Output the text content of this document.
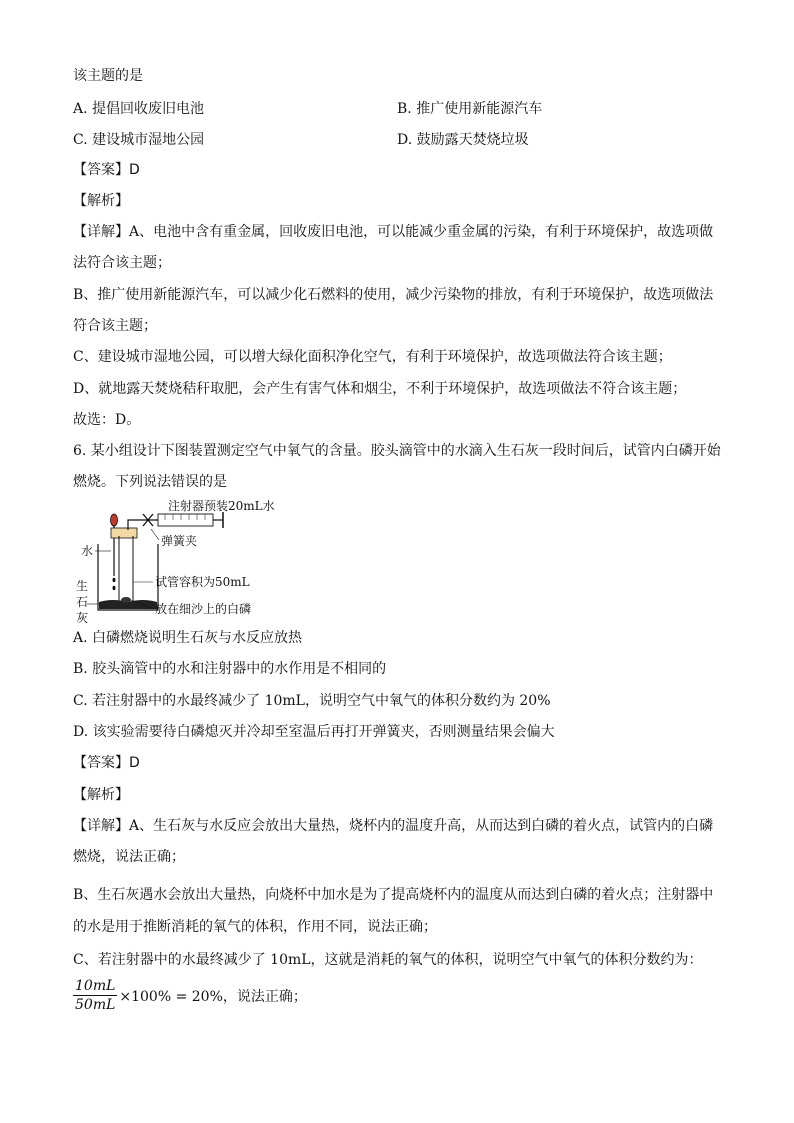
该主题的是
A. 提倡回收废旧电池	B. 推广使用新能源汽车
C. 建设城市湿地公园	D. 鼓励露天焚烧垃圾
【答案】D
【解析】
【详解】A、电池中含有重金属，回收废旧电池，可以能减少重金属的污染，有利于环境保护，故选项做
法符合该主题；
B、推广使用新能源汽车，可以减少化石燃料的使用，减少污染物的排放，有利于环境保护，故选项做法
符合该主题；
C、建设城市湿地公园，可以增大绿化面积净化空气，有利于环境保护，故选项做法符合该主题；
D、就地露天焚烧秸秆取肥，会产生有害气体和烟尘，不利于环境保护，故选项做法不符合该主题；
故选：D。
6. 某小组设计下图装置测定空气中氧气的含量。胶头滴管中的水滴入生石灰一段时间后，试管内白磷开始
燃烧。下列说法错误的是
注射器预装20mL水
弹簧夹
水
生
石
灰
试管容积为50mL
放在细沙上的白磷
A. 白磷燃烧说明生石灰与水反应放热
B. 胶头滴管中的水和注射器中的水作用是不相同的
C. 若注射器中的水最终减少了 10mL，说明空气中氧气的体积分数约为 20%
D. 该实验需要待白磷熄灭并冷却至室温后再打开弹簧夹，否则测量结果会偏大
【答案】D
【解析】
【详解】A、生石灰与水反应会放出大量热，烧杯内的温度升高，从而达到白磷的着火点，试管内的白磷
燃烧，说法正确；
B、生石灰遇水会放出大量热，向烧杯中加水是为了提高烧杯内的温度从而达到白磷的着火点；注射器中
的水是用于推断消耗的氧气的体积，作用不同，说法正确；
C、若注射器中的水最终减少了 10mL，这就是消耗的氧气的体积，说明空气中氧气的体积分数约为：
$\frac{10mL}{50mL} \times 100\% = 20\%$，说法正确；
